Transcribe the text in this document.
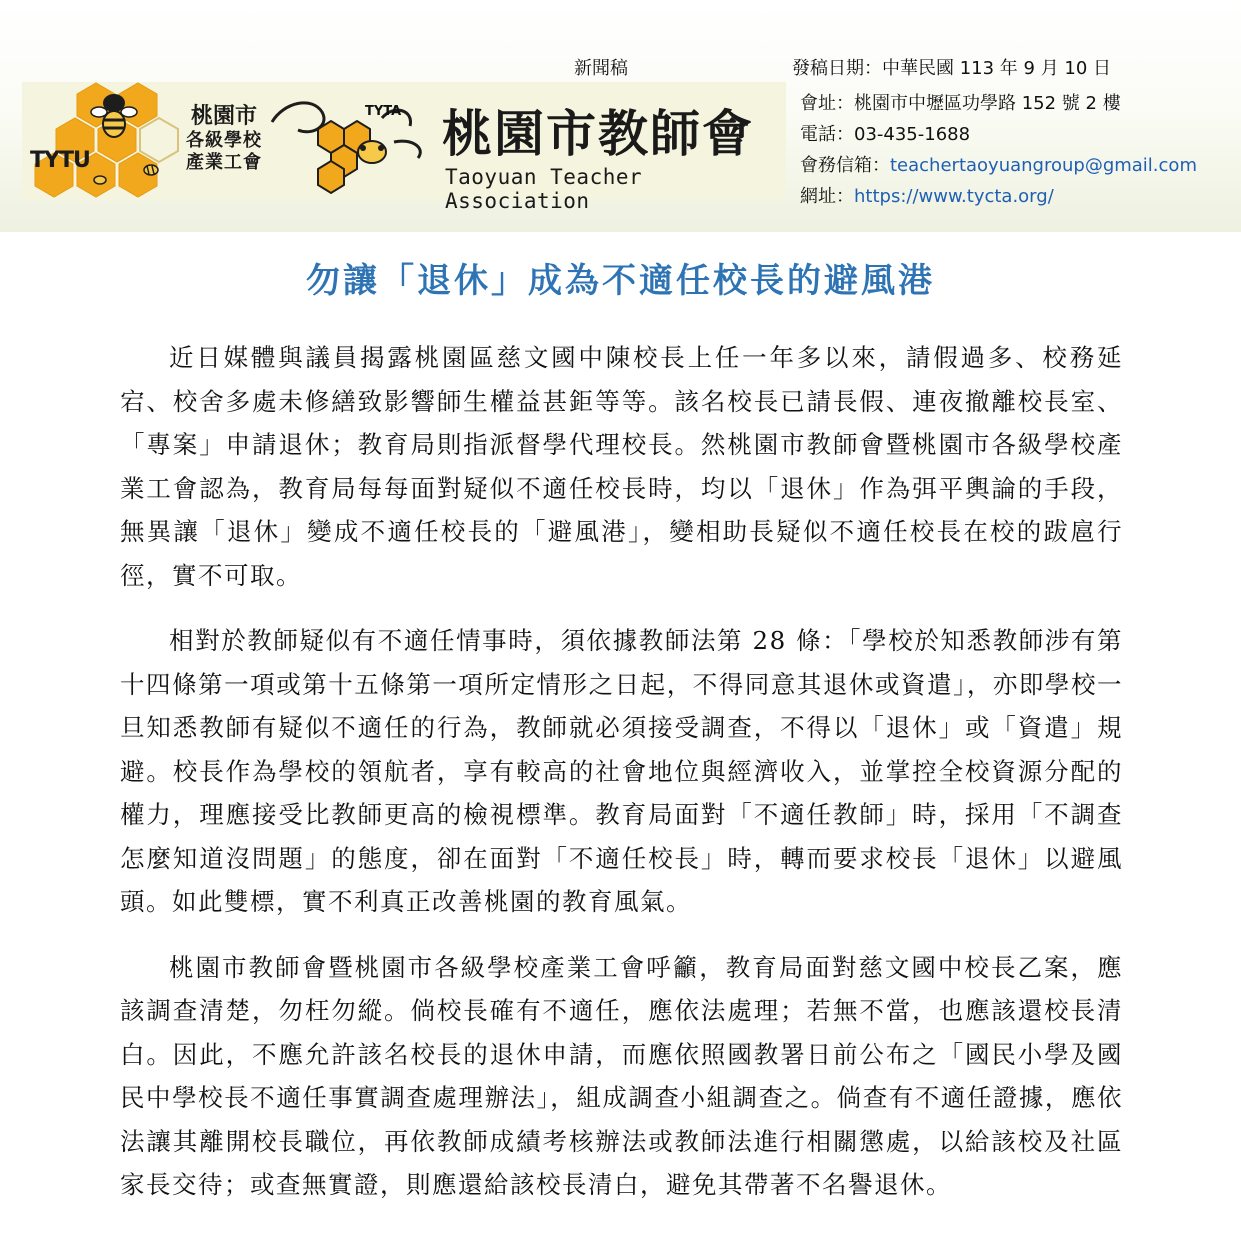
新聞稿
TYTU
桃園市
各級學校
產業工會
TYTA 桃園市教師會
Taoyuan Teacher Association
發稿日期：中華民國 113 年 9 月 10 日
會址：桃園市中壢區功學路 152 號 2 樓
電話：03-435-1688
會務信箱：teachertaoyuangroup@gmail.com
網址：https://www.tycta.org/
勿讓「退休」成為不適任校長的避風港

近日媒體與議員揭露桃園區慈文國中陳校長上任一年多以來，請假過多、校務延宕、校舍多處未修繕致影響師生權益甚鉅等等。該名校長已請長假、連夜撤離校長室、「專案」申請退休；教育局則指派督學代理校長。然桃園市教師會暨桃園市各級學校產業工會認為，教育局每每面對疑似不適任校長時，均以「退休」作為弭平輿論的手段，無異讓「退休」變成不適任校長的「避風港」，變相助長疑似不適任校長在校的跋扈行徑，實不可取。

相對於教師疑似有不適任情事時，須依據教師法第 28 條：「學校於知悉教師涉有第十四條第一項或第十五條第一項所定情形之日起，不得同意其退休或資遣」，亦即學校一旦知悉教師有疑似不適任的行為，教師就必須接受調查，不得以「退休」或「資遣」規避。校長作為學校的領航者，享有較高的社會地位與經濟收入，並掌控全校資源分配的權力，理應接受比教師更高的檢視標準。教育局面對「不適任教師」時，採用「不調查怎麼知道沒問題」的態度，卻在面對「不適任校長」時，轉而要求校長「退休」以避風頭。如此雙標，實不利真正改善桃園的教育風氣。

桃園市教師會暨桃園市各級學校產業工會呼籲，教育局面對慈文國中校長乙案，應該調查清楚，勿枉勿縱。倘校長確有不適任，應依法處理；若無不當，也應該還校長清白。因此，不應允許該名校長的退休申請，而應依照國教署日前公布之「國民小學及國民中學校長不適任事實調查處理辦法」，組成調查小組調查之。倘查有不適任證據，應依法讓其離開校長職位，再依教師成績考核辦法或教師法進行相關懲處，以給該校及社區家長交待；或查無實證，則應還給該校長清白，避免其帶著不名譽退休。
